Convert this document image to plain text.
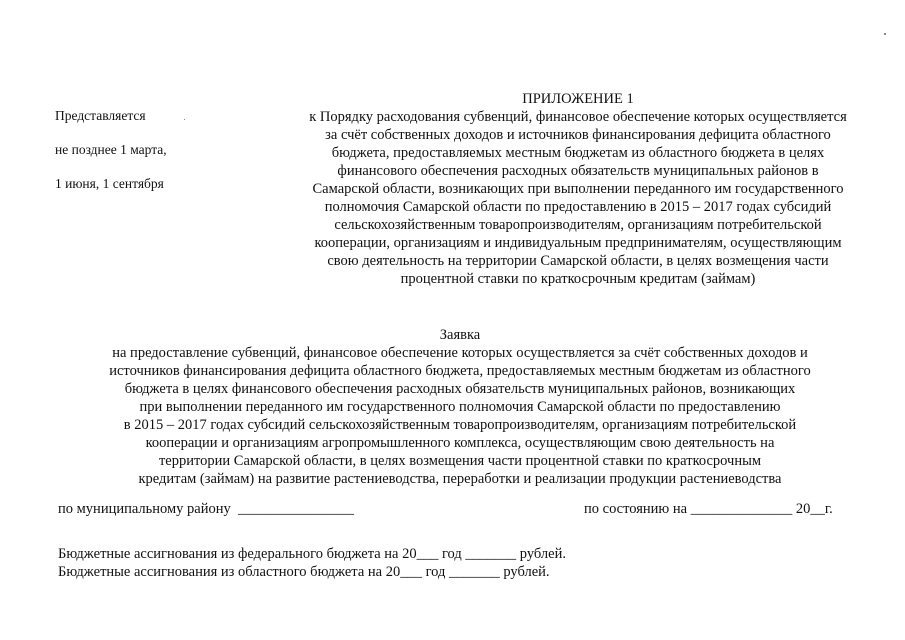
Представляется

не позднее 1 марта,

1 июня, 1 сентября

ПРИЛОЖЕНИЕ 1
к Порядку расходования субвенций, финансовое обеспечение которых осуществляется
за счёт собственных доходов и источников финансирования дефицита областного
бюджета, предоставляемых местным бюджетам из областного бюджета в целях
финансового обеспечения расходных обязательств муниципальных районов в
Самарской области, возникающих при выполнении переданного им государственного
полномочия Самарской области по предоставлению в 2015 – 2017 годах субсидий
сельскохозяйственным товаропроизводителям, организациям потребительской
кооперации, организациям и индивидуальным предпринимателям, осуществляющим
свою деятельность на территории Самарской области, в целях возмещения части
процентной ставки по краткосрочным кредитам (займам)
Заявка
на предоставление субвенций, финансовое обеспечение которых осуществляется за счёт собственных доходов и
источников финансирования дефицита областного бюджета, предоставляемых местным бюджетам из областного
бюджета в целях финансового обеспечения расходных обязательств муниципальных районов, возникающих
при выполнении переданного им государственного полномочия Самарской области по предоставлению
в 2015 – 2017 годах субсидий сельскохозяйственным товаропроизводителям, организациям потребительской
кооперации и организациям агропромышленного комплекса, осуществляющим свою деятельность на
территории Самарской области, в целях возмещения части процентной ставки по краткосрочным
кредитам (займам) на развитие растениеводства, переработки и реализации продукции растениеводства
по муниципальному району  ________________	по состоянию на ______________ 20__г.
Бюджетные ассигнования из федерального бюджета на 20___ год _______ рублей.
Бюджетные ассигнования из областного бюджета на 20___ год _______ рублей.
